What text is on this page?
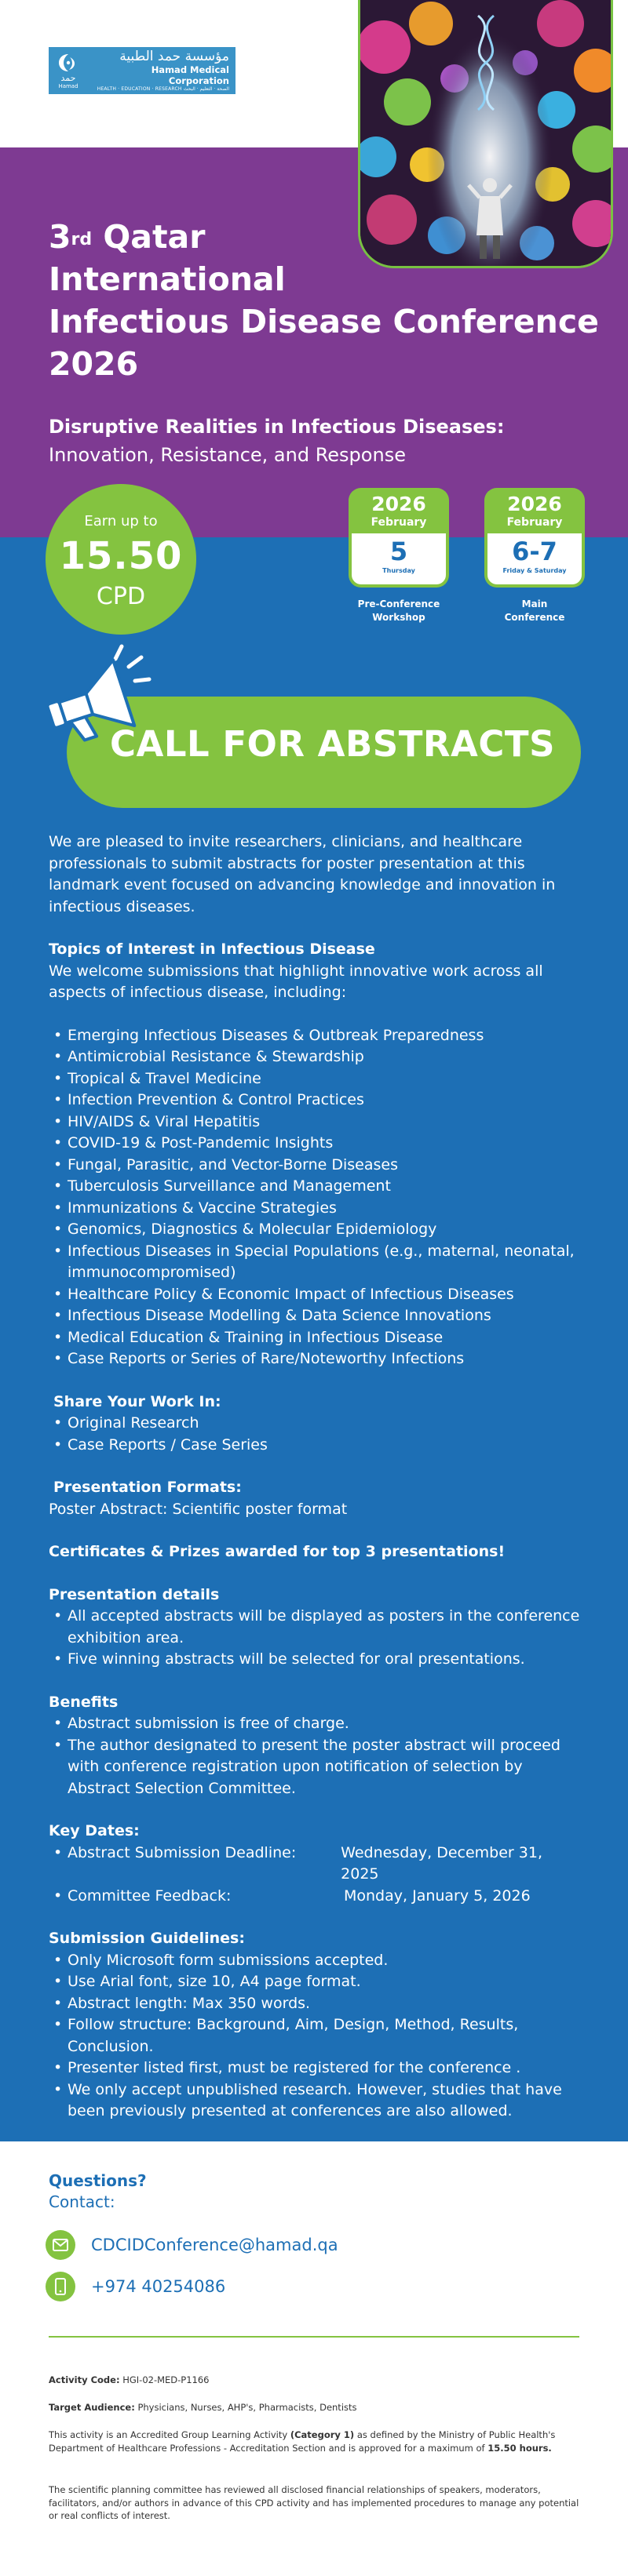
حمد
Hamad
مؤسسة حمد الطبية
Hamad Medical Corporation
HEALTH · EDUCATION · RESEARCH الصحة · التعليم · البحث
3rd Qatar
International
Infectious Disease Conference
2026
Disruptive Realities in Infectious Diseases:
Innovation, Resistance, and Response
Earn up to
15.50
CPD
2026
February
5
Thursday
Pre-Conference
Workshop
2026
February
6-7
Friday & Saturday
Main
Conference
CALL FOR ABSTRACTS

We are pleased to invite researchers, clinicians, and healthcare professionals to submit abstracts for poster presentation at this landmark event focused on advancing knowledge and innovation in infectious diseases.

Topics of Interest in Infectious Disease

We welcome submissions that highlight innovative work across all aspects of infectious disease, including:

• Emerging Infectious Diseases & Outbreak Preparedness
• Antimicrobial Resistance & Stewardship
• Tropical & Travel Medicine
• Infection Prevention & Control Practices
• HIV/AIDS & Viral Hepatitis
• COVID-19 & Post-Pandemic Insights
• Fungal, Parasitic, and Vector-Borne Diseases
• Tuberculosis Surveillance and Management
• Immunizations & Vaccine Strategies
• Genomics, Diagnostics & Molecular Epidemiology
• Infectious Diseases in Special Populations (e.g., maternal, neonatal, immunocompromised)
• Healthcare Policy & Economic Impact of Infectious Diseases
• Infectious Disease Modelling & Data Science Innovations
• Medical Education & Training in Infectious Disease
• Case Reports or Series of Rare/Noteworthy Infections

Share Your Work In:

• Original Research
• Case Reports / Case Series

Presentation Formats:

Poster Abstract: Scientific poster format

Certificates & Prizes awarded for top 3 presentations!

Presentation details

• All accepted abstracts will be displayed as posters in the conference exhibition area.
• Five winning abstracts will be selected for oral presentations.

Benefits

• Abstract submission is free of charge.
• The author designated to present the poster abstract will proceed with conference registration upon notification of selection by Abstract Selection Committee.

Key Dates:

• Abstract Submission Deadline:	Wednesday, December 31, 2025
• Committee Feedback:	Monday, January 5, 2026

Submission Guidelines:

• Only Microsoft form submissions accepted.
• Use Arial font, size 10, A4 page format.
• Abstract length: Max 350 words.
• Follow structure: Background, Aim, Design, Method, Results, Conclusion.
• Presenter listed first, must be registered for the conference .
• We only accept unpublished research. However, studies that have been previously presented at conferences are also allowed.
Questions?
Contact:
CDCIDConference@hamad.qa
+974 40254086
Activity Code: HGI-02-MED-P1166
Target Audience: Physicians, Nurses, AHP's, Pharmacists, Dentists
This activity is an Accredited Group Learning Activity (Category 1) as defined by the Ministry of Public Health's Department of Healthcare Professions - Accreditation Section and is approved for a maximum of 15.50 hours.
The scientific planning committee has reviewed all disclosed financial relationships of speakers, moderators, facilitators, and/or authors in advance of this CPD activity and has implemented procedures to manage any potential or real conflicts of interest.
